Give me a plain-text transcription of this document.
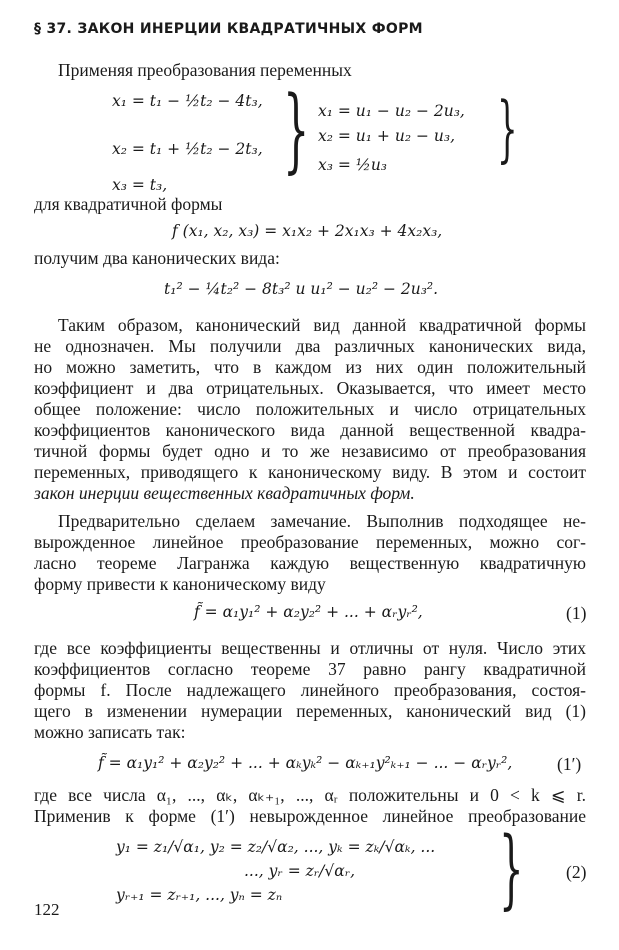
§ 37. ЗАКОН ИНЕРЦИИ КВАДРАТИЧНЫХ ФОРМ
Применяя преобразования переменных
x₁ = t₁ − ½t₂ − 4t₃,
x₂ = t₁ + ½t₂ − 2t₃,
x₃ = t₃,
} x₁ = u₁ − u₂ − 2u₃,
x₂ = u₁ + u₂ − u₃,
x₃ = ½u₃ }
для квадратичной формы
f (x₁, x₂, x₃) = x₁x₂ + 2x₁x₃ + 4x₂x₃,
получим два канонических вида:
t₁² − ¼t₂² − 8t₃² и u₁² − u₂² − 2u₃².
Таким образом, канонический вид данной квадратичной формы
не однозначен. Мы получили два различных канонических вида,
но можно заметить, что в каждом из них один положительный
коэффициент и два отрицательных. Оказывается, что имеет место
общее положение: число положительных и число отрицательных
коэффициентов канонического вида данной вещественной квадра-
тичной формы будет одно и то же независимо от преобразования
переменных, приводящего к каноническому виду. В этом и состоит
закон инерции вещественных квадратичных форм.
Предварительно сделаем замечание. Выполнив подходящее не-
вырожденное линейное преобразование переменных, можно сог-
ласно теореме Лагранжа каждую вещественную квадратичную
форму привести к каноническому виду
f̃ = α₁y₁² + α₂y₂² + ... + αᵣyᵣ²,	(1)
где все коэффициенты вещественны и отличны от нуля. Число этих
коэффициентов согласно теореме 37 равно рангу квадратичной
формы f. После надлежащего линейного преобразования, состоя-
щего в изменении нумерации переменных, канонический вид (1)
можно записать так:
f̃ = α₁y₁² + α₂y₂² + ... + αₖyₖ² − αₖ₊₁y²ₖ₊₁ − ... − αᵣyᵣ²,	(1′)
где все числа α₁, ..., αₖ, αₖ₊₁, ..., αᵣ положительны и 0 < k ⩽ r.
Применив к форме (1′) невырожденное линейное преобразование
y₁ = z₁/√α₁, y₂ = z₂/√α₂, ..., yₖ = zₖ/√αₖ, ...
..., yᵣ = zᵣ/√αᵣ,
yᵣ₊₁ = zᵣ₊₁, ..., yₙ = zₙ	} (2)
122
